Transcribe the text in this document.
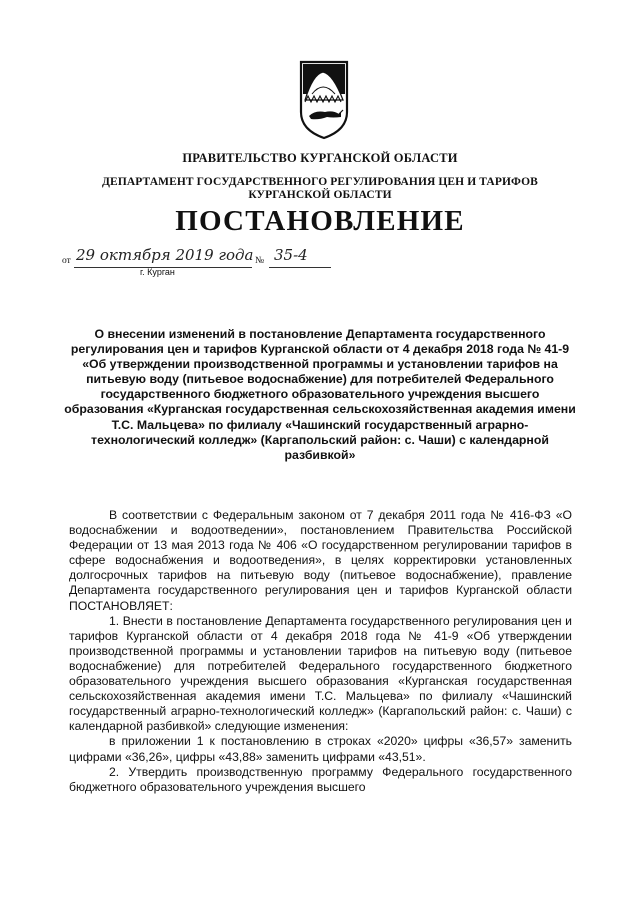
ПРАВИТЕЛЬСТВО КУРГАНСКОЙ ОБЛАСТИ
ДЕПАРТАМЕНТ ГОСУДАРСТВЕННОГО РЕГУЛИРОВАНИЯ ЦЕН И ТАРИФОВ
КУРГАНСКОЙ ОБЛАСТИ
ПОСТАНОВЛЕНИЕ
от 29 октября 2019 года № 35-4
г. Курган
О внесении изменений в постановление Департамента государственного регулирования цен и тарифов Курганской области от 4 декабря 2018 года № 41-9 «Об утверждении производственной программы и установлении тарифов на питьевую воду (питьевое водоснабжение) для потребителей Федерального государственного бюджетного образовательного учреждения высшего образования «Курганская государственная сельскохозяйственная академия имени Т.С. Мальцева» по филиалу «Чашинский государственный аграрно-технологический колледж» (Каргапольский район: с. Чаши) с календарной разбивкой»

В соответствии с Федеральным законом от 7 декабря 2011 года № 416-ФЗ «О водоснабжении и водоотведении», постановлением Правительства Российской Федерации от 13 мая 2013 года № 406 «О государственном регулировании тарифов в сфере водоснабжения и водоотведения», в целях корректировки установленных долгосрочных тарифов на питьевую воду (питьевое водоснабжение), правление Департамента государственного регулирования цен и тарифов Курганской области ПОСТАНОВЛЯЕТ:

1. Внести в постановление Департамента государственного регулирования цен и тарифов Курганской области от 4 декабря 2018 года № 41-9 «Об утверждении производственной программы и установлении тарифов на питьевую воду (питьевое водоснабжение) для потребителей Федерального государственного бюджетного образовательного учреждения высшего образования «Курганская государственная сельскохозяйственная академия имени Т.С. Мальцева» по филиалу «Чашинский государственный аграрно-технологический колледж» (Каргапольский район: с. Чаши) с календарной разбивкой» следующие изменения:

в приложении 1 к постановлению в строках «2020» цифры «36,57» заменить цифрами «36,26», цифры «43,88» заменить цифрами «43,51».

2. Утвердить производственную программу Федерального государственного бюджетного образовательного учреждения высшего
